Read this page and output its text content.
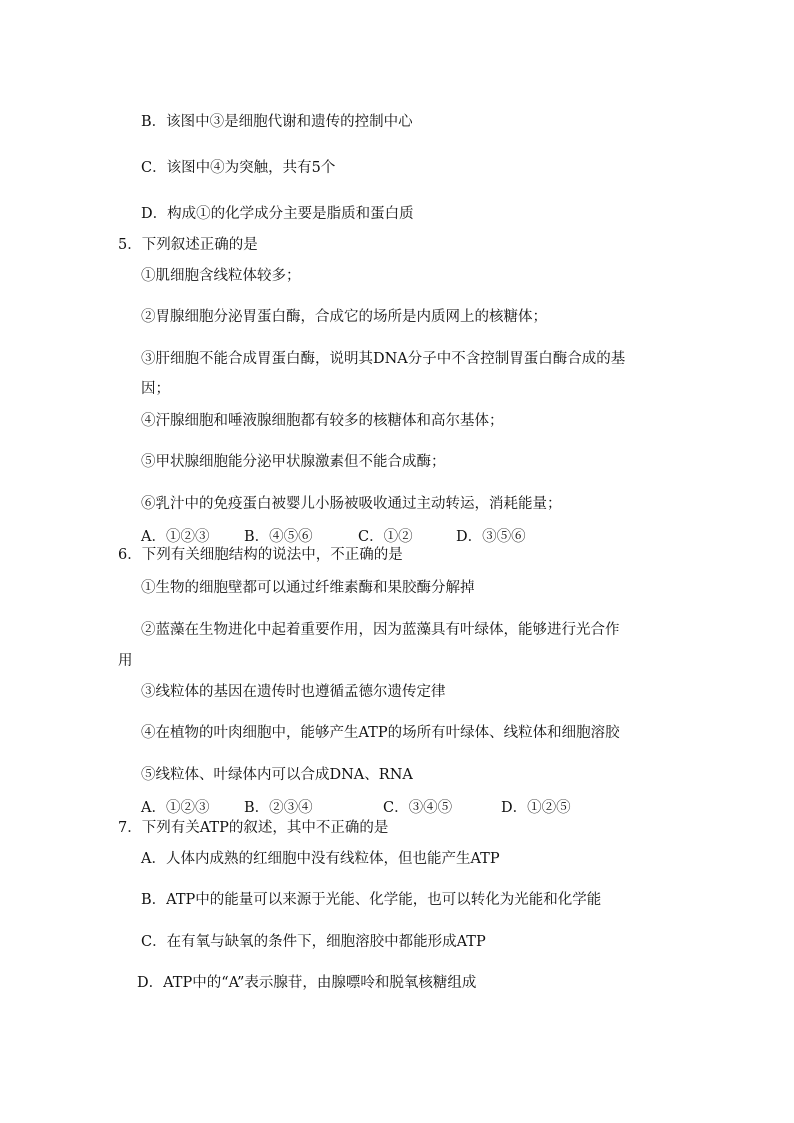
B．该图中③是细胞代谢和遗传的控制中心
C．该图中④为突触，共有5个
D．构成①的化学成分主要是脂质和蛋白质
5．下列叙述正确的是
①肌细胞含线粒体较多；
②胃腺细胞分泌胃蛋白酶，合成它的场所是内质网上的核糖体；
③肝细胞不能合成胃蛋白酶，说明其DNA分子中不含控制胃蛋白酶合成的基
因；
④汗腺细胞和唾液腺细胞都有较多的核糖体和高尔基体；
⑤甲状腺细胞能分泌甲状腺激素但不能合成酶；
⑥乳汁中的免疫蛋白被婴儿小肠被吸收通过主动转运，消耗能量；
A．①②③ B．④⑤⑥	C．①②	D．③⑤⑥
6．下列有关细胞结构的说法中，不正确的是
①生物的细胞壁都可以通过纤维素酶和果胶酶分解掉
②蓝藻在生物进化中起着重要作用，因为蓝藻具有叶绿体，能够进行光合作
用
③线粒体的基因在遗传时也遵循孟德尔遗传定律
④在植物的叶肉细胞中，能够产生ATP的场所有叶绿体、线粒体和细胞溶胶
⑤线粒体、叶绿体内可以合成DNA、RNA
A．①②③ B．②③④	C．③④⑤	D．①②⑤
7．下列有关ATP的叙述，其中不正确的是
A．人体内成熟的红细胞中没有线粒体，但也能产生ATP
B．ATP中的能量可以来源于光能、化学能，也可以转化为光能和化学能
C．在有氧与缺氧的条件下，细胞溶胶中都能形成ATP
D．ATP中的“A”表示腺苷，由腺嘌呤和脱氧核糖组成
